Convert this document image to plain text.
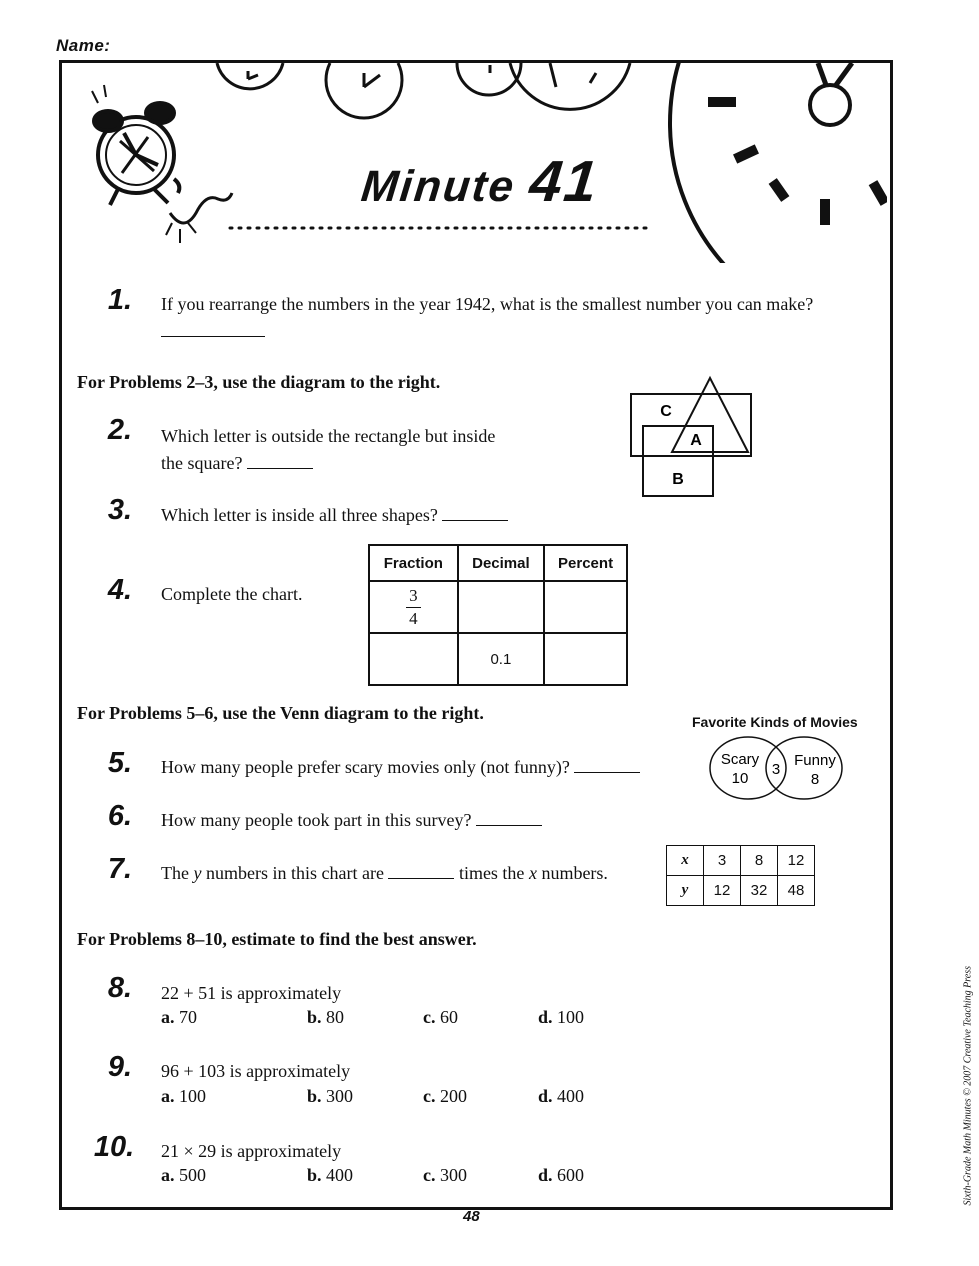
Name:
Minute 41
1.	If you rearrange the numbers in the year 1942, what is the smallest number you can make?
For Problems 2–3, use the diagram to the right.
2.	Which letter is outside the rectangle but inside
the square?
C
A
B
3.	Which letter is inside all three shapes?
4.	Complete the chart.
Fraction	Decimal	Percent

$\frac{3}{4}$		
	0.1	
For Problems 5–6, use the Venn diagram to the right.	Favorite Kinds of Movies
Scary
10
3
Funny
8
5.	How many people prefer scary movies only (not funny)?
6.	How many people took part in this survey?
7.	The y numbers in this chart are	times the x numbers.
x	3	8	12
y	12	32	48
For Problems 8–10, estimate to find the best answer.
8.	22 + 51 is approximately
a. 70	b. 80	c. 60	d. 100
9.	96 + 103 is approximately
a. 100	b. 300	c. 200	d. 400
10.	21 × 29 is approximately
a. 500	b. 400	c. 300	d. 600
48
Sixth-Grade Math Minutes © 2007 Creative Teaching Press
